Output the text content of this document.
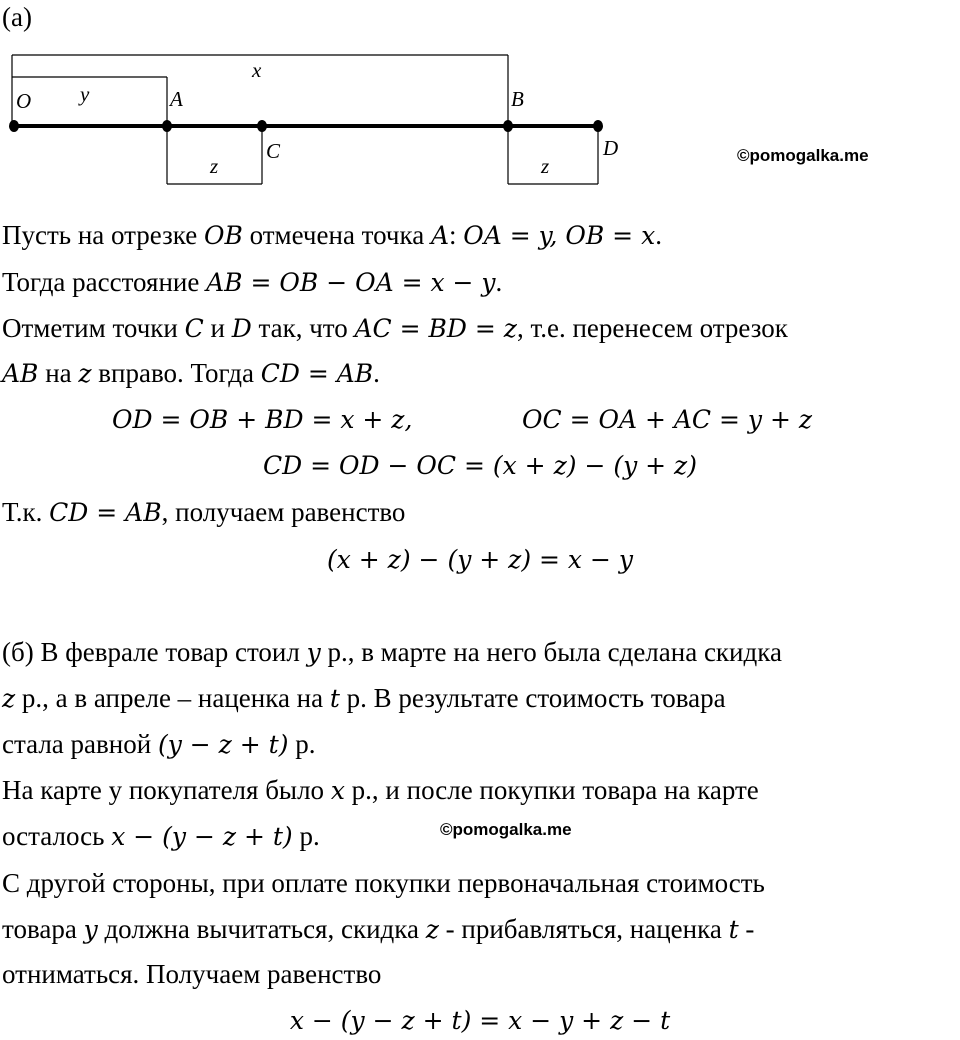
(а)
O	A
C
B
D
x
y
z	z	©pomogalka.me
Пусть на отрезке OB отмечена точка A: OA = y, OB = x.
Тогда расстояние AB = OB − OA = x − y.
Отметим точки C и D так, что AC = BD = z, т.е. перенесем отрезок
AB на z вправо. Тогда CD = AB.
OD = OB + BD = x + z,	OC = OA + AC = y + z
CD = OD − OC = (x + z) − (y + z)
Т.к. CD = AB, получаем равенство
(x + z) − (y + z) = x − y
(б) В феврале товар стоил y р., в марте на него была сделана скидка
z р., а в апреле – наценка на t р. В результате стоимость товара
стала равной (y − z + t) р.
На карте у покупателя было x р., и после покупки товара на карте
осталось x − (y − z + t) р.	©pomogalka.me
С другой стороны, при оплате покупки первоначальная стоимость
товара y должна вычитаться, скидка z - прибавляться, наценка t -
отниматься. Получаем равенство
x − (y − z + t) = x − y + z − t
